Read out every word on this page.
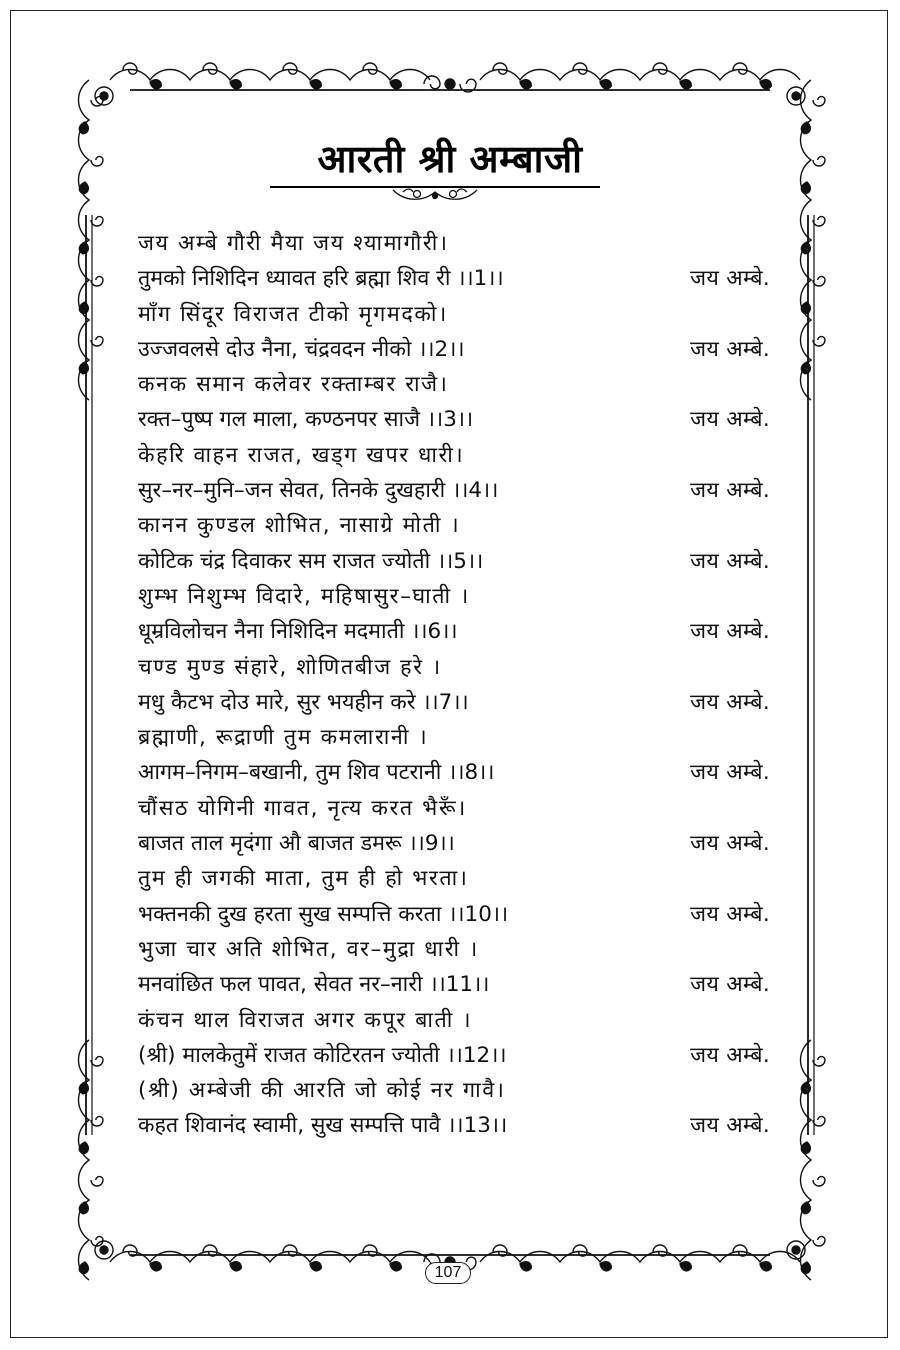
आरती श्री अम्बाजी
जय अम्बे गौरी मैया जय श्यामागौरी।
तुमको निशिदिन ध्यावत हरि ब्रह्मा शिव री ।।1।।	जय अम्बे.
माँग सिंदूर विराजत टीको मृगमदको।
उज्जवलसे दोउ नैना, चंद्रवदन नीको ।।2।।	जय अम्बे.
कनक समान कलेवर रक्ताम्बर राजै।
रक्त–पुष्प गल माला, कण्ठनपर साजै ।।3।।	जय अम्बे.
केहरि वाहन राजत, खड्ग खपर धारी।
सुर–नर–मुनि–जन सेवत, तिनके दुखहारी ।।4।।	जय अम्बे.
कानन कुण्डल शोभित, नासाग्रे मोती ।
कोटिक चंद्र दिवाकर सम राजत ज्योती ।।5।।	जय अम्बे.
शुम्भ निशुम्भ विदारे, महिषासुर–घाती ।
धूम्रविलोचन नैना निशिदिन मदमाती ।।6।।	जय अम्बे.
चण्ड मुण्ड संहारे, शोणितबीज हरे ।
मधु कैटभ दोउ मारे, सुर भयहीन करे ।।7।।	जय अम्बे.
ब्रह्माणी, रूद्राणी तुम कमलारानी ।
आगम–निगम–बखानी, तुम शिव पटरानी ।।8।।	जय अम्बे.
चौंसठ योगिनी गावत, नृत्य करत भैरूँ।
बाजत ताल मृदंगा औ बाजत डमरू ।।9।।	जय अम्बे.
तुम ही जगकी माता, तुम ही हो भरता।
भक्तनकी दुख हरता सुख सम्पत्ति करता ।।10।।	जय अम्बे.
भुजा चार अति शोभित, वर–मुद्रा धारी ।
मनवांछित फल पावत, सेवत नर–नारी ।।11।।	जय अम्बे.
कंचन थाल विराजत अगर कपूर बाती ।
(श्री) मालकेतुमें राजत कोटिरतन ज्योती ।।12।।	जय अम्बे.
(श्री) अम्बेजी की आरति जो कोई नर गावै।
कहत शिवानंद स्वामी, सुख सम्पत्ति पावै ।।13।।	जय अम्बे.
107
